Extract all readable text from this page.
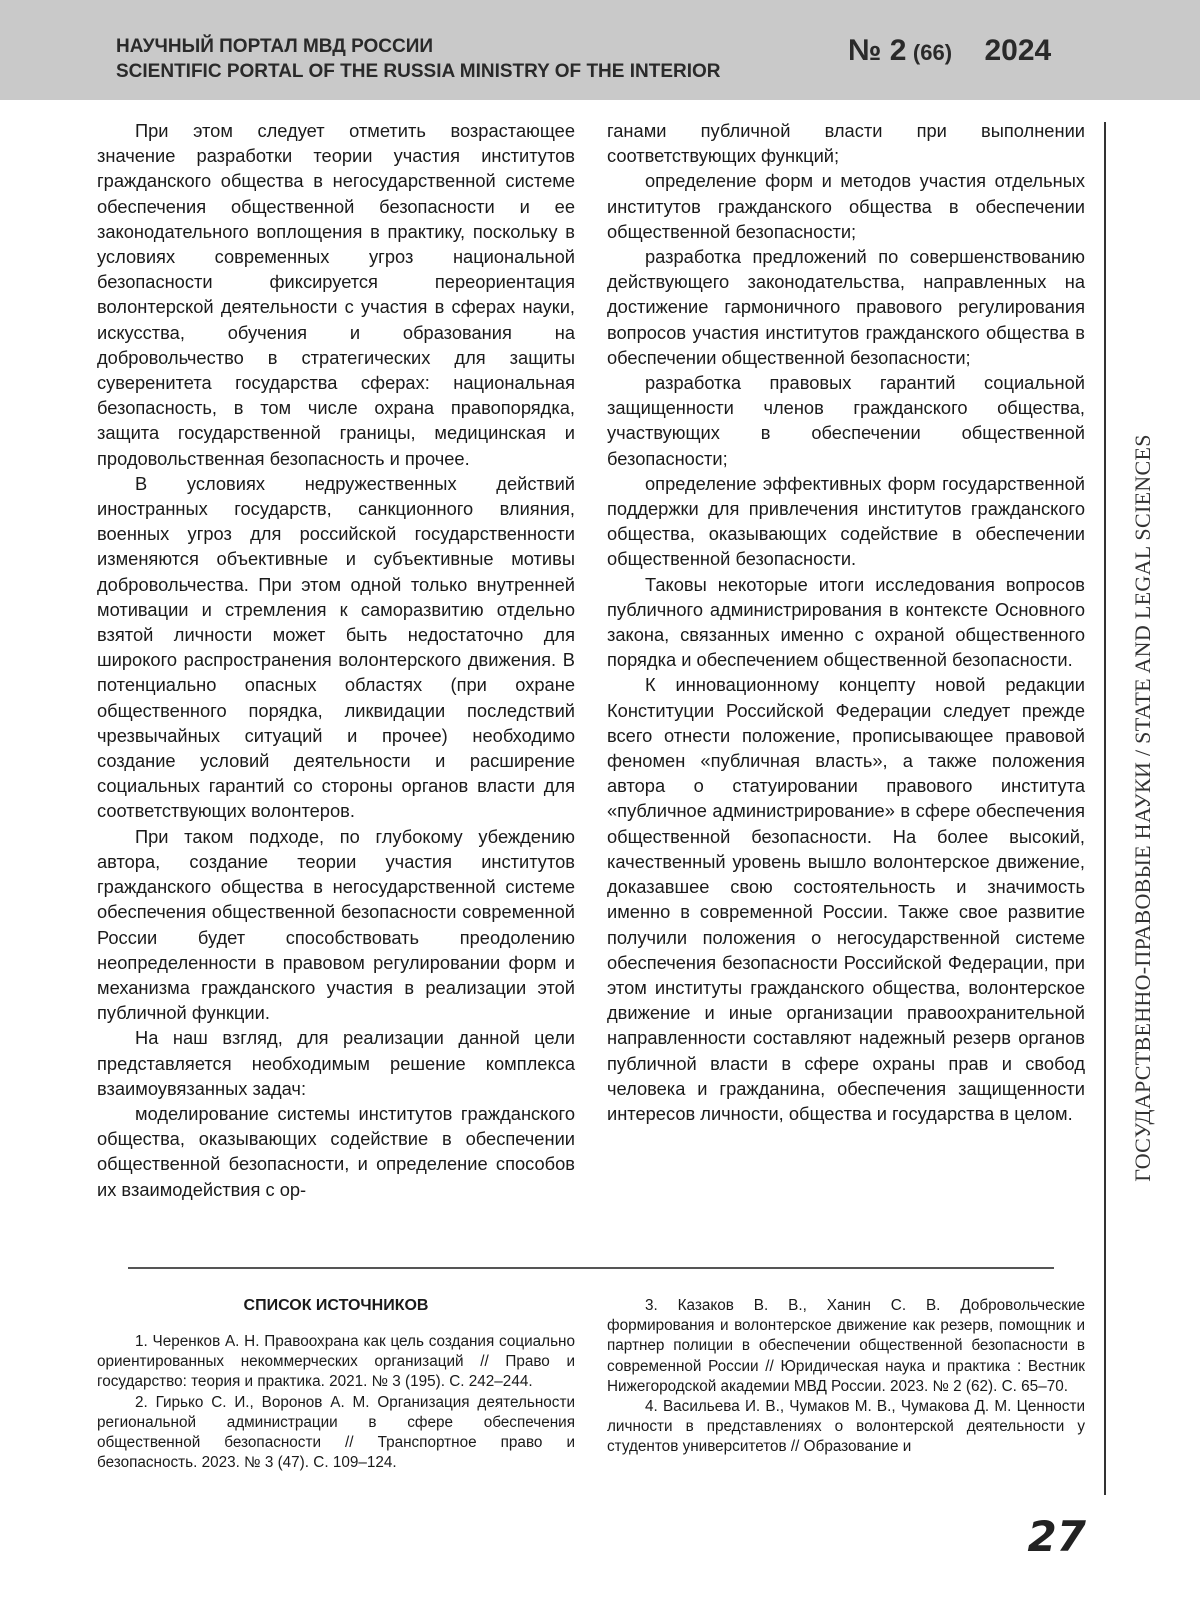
НАУЧНЫЙ ПОРТАЛ МВД РОССИИ
SCIENTIFIC PORTAL OF THE RUSSIA MINISTRY OF THE INTERIOR
№ 2 (66) 2024

При этом следует отметить возрастающее значение разработки теории участия институтов гражданского общества в негосударственной системе обеспечения общественной безопасности и ее законодательного воплощения в практику, поскольку в условиях современных угроз национальной безопасности фиксируется переориентация волонтерской деятельности с участия в сферах науки, искусства, обучения и образования на добровольчество в стратегических для защиты суверенитета государства сферах: национальная безопасность, в том числе охрана правопорядка, защита государственной границы, медицинская и продовольственная безопасность и прочее.

В условиях недружественных действий иностранных государств, санкционного влияния, военных угроз для российской государственности изменяются объективные и субъективные мотивы добровольчества. При этом одной только внутренней мотивации и стремления к саморазвитию отдельно взятой личности может быть недостаточно для широкого распространения волонтерского движения. В потенциально опасных областях (при охране общественного порядка, ликвидации последствий чрезвычайных ситуаций и прочее) необходимо создание условий деятельности и расширение социальных гарантий со стороны органов власти для соответствующих волонтеров.

При таком подходе, по глубокому убеждению автора, создание теории участия институтов гражданского общества в негосударственной системе обеспечения общественной безопасности современной России будет способствовать преодолению неопределенности в правовом регулировании форм и механизма гражданского участия в реализации этой публичной функции.

На наш взгляд, для реализации данной цели представляется необходимым решение комплекса взаимоувязанных задач:

моделирование системы институтов гражданского общества, оказывающих содействие в обеспечении общественной безопасности, и определение способов их взаимодействия с ор-

ганами публичной власти при выполнении соответствующих функций;

определение форм и методов участия отдельных институтов гражданского общества в обеспечении общественной безопасности;

разработка предложений по совершенствованию действующего законодательства, направленных на достижение гармоничного правового регулирования вопросов участия институтов гражданского общества в обеспечении общественной безопасности;

разработка правовых гарантий социальной защищенности членов гражданского общества, участвующих в обеспечении общественной безопасности;

определение эффективных форм государственной поддержки для привлечения институтов гражданского общества, оказывающих содействие в обеспечении общественной безопасности.

Таковы некоторые итоги исследования вопросов публичного администрирования в контексте Основного закона, связанных именно с охраной общественного порядка и обеспечением общественной безопасности.

К инновационному концепту новой редакции Конституции Российской Федерации следует прежде всего отнести положение, прописывающее правовой феномен «публичная власть», а также положения автора о статуировании правового института «публичное администрирование» в сфере обеспечения общественной безопасности. На более высокий, качественный уровень вышло волонтерское движение, доказавшее свою состоятельность и значимость именно в современной России. Также свое развитие получили положения о негосударственной системе обеспечения безопасности Российской Федерации, при этом институты гражданского общества, волонтерское движение и иные организации правоохранительной направленности составляют надежный резерв органов публичной власти в сфере охраны прав и свобод человека и гражданина, обеспечения защищенности интересов личности, общества и государства в целом.	ГОСУДАРСТВЕННО-ПРАВОВЫЕ НАУКИ / STATE AND LEGAL SCIENCES
СПИСОК ИСТОЧНИКОВ

1. Черенков А. Н. Правоохрана как цель создания социально ориентированных некоммерческих организаций // Право и государство: теория и практика. 2021. № 3 (195). С. 242–244.

2. Гирько С. И., Воронов А. М. Организация деятельности региональной администрации в сфере обеспечения общественной безопасности // Транспортное право и безопасность. 2023. № 3 (47). С. 109–124.

3. Казаков В. В., Ханин С. В. Добровольческие формирования и волонтерское движение как резерв, помощник и партнер полиции в обеспечении общественной безопасности в современной России // Юридическая наука и практика : Вестник Нижегородской академии МВД России. 2023. № 2 (62). С. 65–70.

4. Васильева И. В., Чумаков М. В., Чумакова Д. М. Ценности личности в представлениях о волонтерской деятельности у студентов университетов // Образование и

27
